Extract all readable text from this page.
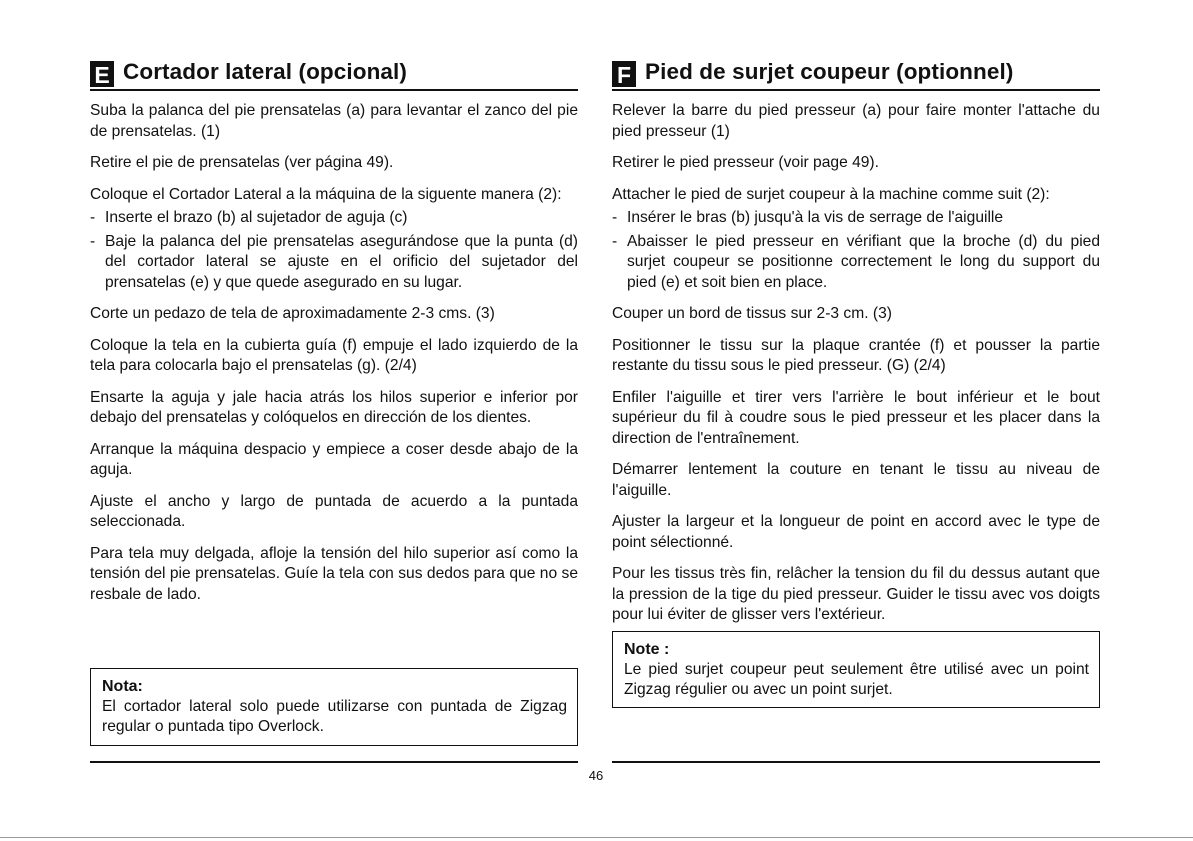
E Cortador lateral (opcional)

Suba la palanca del pie prensatelas (a) para levantar el zanco del pie de prensatelas. (1)

Retire el pie de prensatelas (ver página 49).

Coloque el Cortador Lateral a la máquina de la siguente manera (2):

- Inserte el brazo (b) al sujetador de aguja (c)
- Baje la palanca del pie prensatelas asegurándose que la punta (d) del cortador lateral se ajuste en el orificio del sujetador del prensatelas (e) y que quede asegurado en su lugar.

Corte un pedazo de tela de aproximadamente 2-3 cms. (3)

Coloque la tela en la cubierta guía (f) empuje el lado izquierdo de la tela para colocarla bajo el prensatelas (g). (2/4)

Ensarte la aguja y jale hacia atrás los hilos superior e inferior por debajo del prensatelas y colóquelos en dirección de los dientes.

Arranque la máquina despacio y empiece a coser desde abajo de la aguja.

Ajuste el ancho y largo de puntada de acuerdo a la puntada seleccionada.

Para tela muy delgada, afloje la tensión del hilo superior así como la tensión del pie prensatelas. Guíe la tela con sus dedos para que no se resbale de lado.

Nota:
El cortador lateral solo puede utilizarse con puntada de Zigzag regular o puntada tipo Overlock.
F Pied de surjet coupeur (optionnel)

Relever la barre du pied presseur (a) pour faire monter l'attache du pied presseur (1)

Retirer le pied presseur (voir page 49).

Attacher le pied de surjet coupeur à la machine comme suit (2):

- Insérer le bras (b) jusqu'à la vis de serrage de l'aiguille
- Abaisser le pied presseur en vérifiant que la broche (d) du pied surjet coupeur se positionne correctement le long du support du pied (e) et soit bien en place.

Couper un bord de tissus sur 2-3 cm. (3)

Positionner le tissu sur la plaque crantée (f) et pousser la partie restante du tissu sous le pied presseur. (G) (2/4)

Enfiler l'aiguille et tirer vers l'arrière le bout inférieur et le bout supérieur du fil à coudre sous le pied presseur et les placer dans la direction de l'entraînement.

Démarrer lentement la couture en tenant le tissu au niveau de l'aiguille.

Ajuster la largeur et la longueur de point en accord avec le type de point sélectionné.

Pour les tissus très fin, relâcher la tension du fil du dessus autant que la pression de la tige du pied presseur. Guider le tissu avec vos doigts pour lui éviter de glisser vers l'extérieur.

Note :
Le pied surjet coupeur peut seulement être utilisé avec un point Zigzag régulier ou avec un point surjet.
46
